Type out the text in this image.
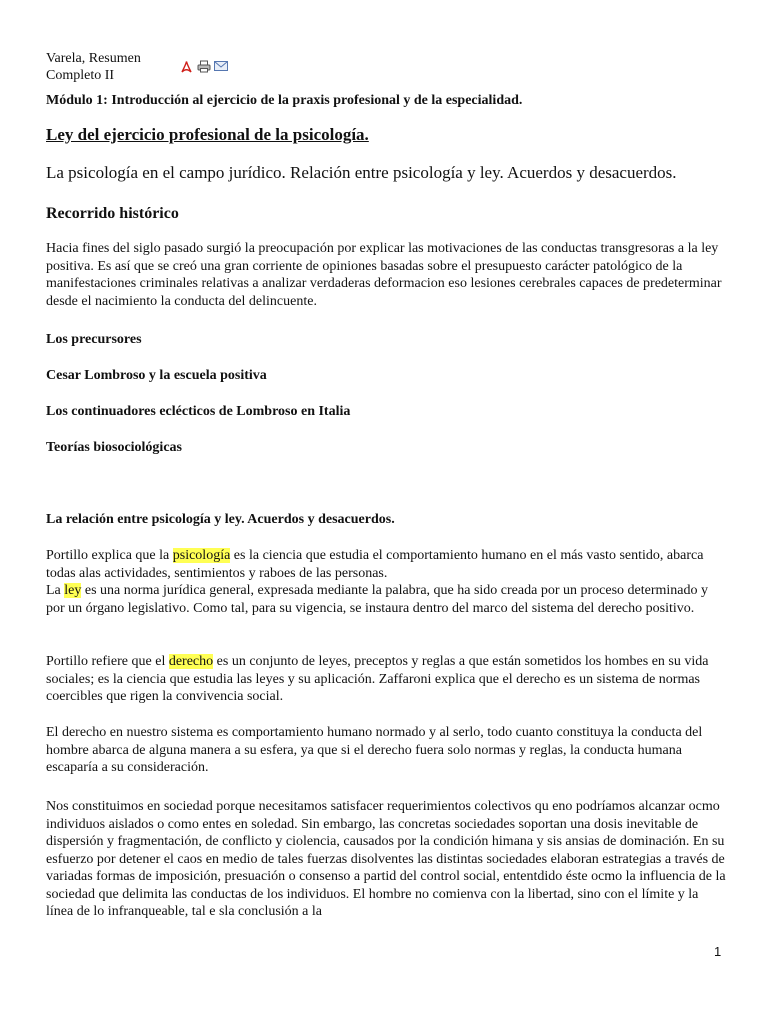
Varela, Resumen
Completo II
Módulo 1: Introducción al ejercicio de la praxis profesional y de la especialidad.
Ley del ejercicio profesional de la psicología.
La psicología en el campo jurídico. Relación entre psicología y ley. Acuerdos y desacuerdos.
Recorrido histórico
Hacia fines del siglo pasado surgió la preocupación por explicar las motivaciones de las conductas transgresoras a la ley positiva. Es así que se creó una gran corriente de opiniones basadas sobre el presupuesto carácter patológico de la manifestaciones criminales relativas a analizar verdaderas deformacion eso lesiones cerebrales capaces de predeterminar desde el nacimiento la conducta del delincuente.
Los precursores
Cesar Lombroso y la escuela positiva
Los continuadores eclécticos de Lombroso en Italia
Teorías biosociológicas
La relación entre psicología y ley. Acuerdos y desacuerdos.
Portillo explica que la psicología es la ciencia que estudia el comportamiento humano en el más vasto sentido, abarca todas alas actividades, sentimientos y raboes de las personas.
La ley es una norma jurídica general, expresada mediante la palabra, que ha sido creada por un proceso determinado y por un órgano legislativo. Como tal, para su vigencia, se instaura dentro del marco del sistema del derecho positivo.
Portillo refiere que el derecho es un conjunto de leyes, preceptos y reglas a que están sometidos los hombes en su vida sociales; es la ciencia que estudia las leyes y su aplicación. Zaffaroni explica que el derecho es un sistema de normas coercibles que rigen la convivencia social.
El derecho en nuestro sistema es comportamiento humano normado y al serlo, todo cuanto constituya la conducta del hombre abarca de alguna manera a su esfera, ya que si el derecho fuera solo normas y reglas, la conducta humana escaparía a su consideración.
Nos constituimos en sociedad porque necesitamos satisfacer requerimientos colectivos qu eno podríamos alcanzar ocmo individuos aislados o como entes en soledad. Sin embargo, las concretas sociedades soportan una dosis inevitable de dispersión y fragmentación, de conflicto y ciolencia, causados por la condición himana y sis ansias de dominación. En su esfuerzo por detener el caos en medio de tales fuerzas disolventes las distintas sociedades elaboran estrategias a través de variadas formas de imposición, presuación o consenso a partid del control social, ententdido éste ocmo la influencia de la sociedad que delimita las conductas de los individuos. El hombre no comienva con la libertad, sino con el límite y la línea de lo infranqueable, tal e sla conclusión a la
1
